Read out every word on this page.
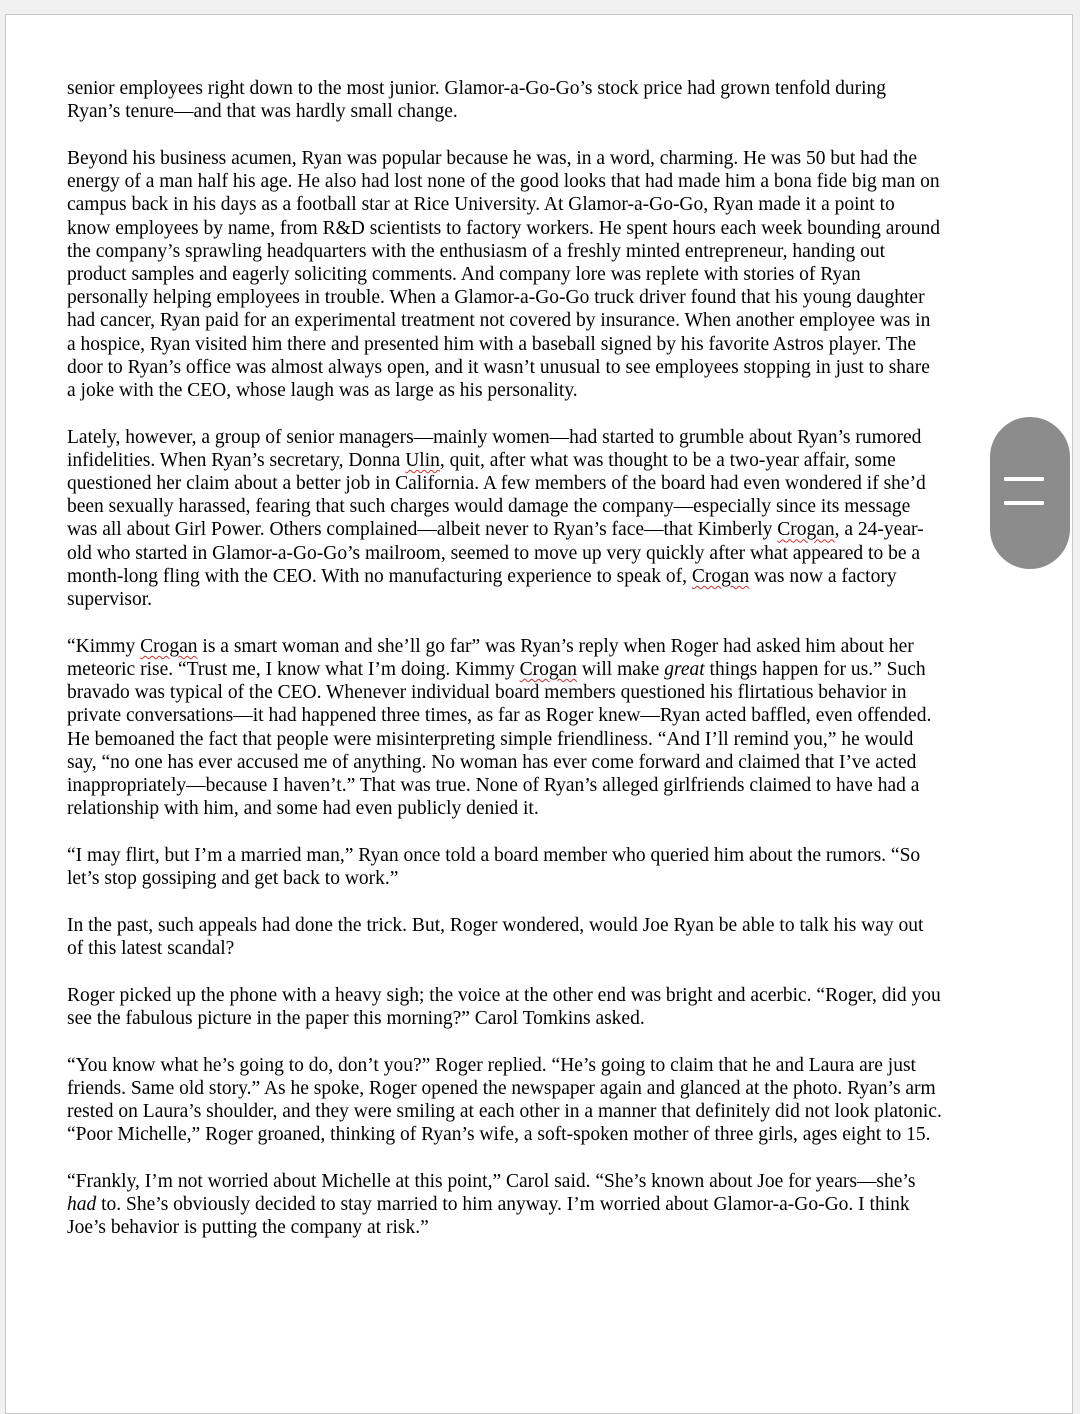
senior employees right down to the most junior. Glamor-a-Go-Go’s stock price had grown tenfold during
Ryan’s tenure—and that was hardly small change.

Beyond his business acumen, Ryan was popular because he was, in a word, charming. He was 50 but had the
energy of a man half his age. He also had lost none of the good looks that had made him a bona fide big man on
campus back in his days as a football star at Rice University. At Glamor-a-Go-Go, Ryan made it a point to
know employees by name, from R&D scientists to factory workers. He spent hours each week bounding around
the company’s sprawling headquarters with the enthusiasm of a freshly minted entrepreneur, handing out
product samples and eagerly soliciting comments. And company lore was replete with stories of Ryan
personally helping employees in trouble. When a Glamor-a-Go-Go truck driver found that his young daughter
had cancer, Ryan paid for an experimental treatment not covered by insurance. When another employee was in
a hospice, Ryan visited him there and presented him with a baseball signed by his favorite Astros player. The
door to Ryan’s office was almost always open, and it wasn’t unusual to see employees stopping in just to share
a joke with the CEO, whose laugh was as large as his personality.

Lately, however, a group of senior managers—mainly women—had started to grumble about Ryan’s rumored
infidelities. When Ryan’s secretary, Donna Ulin, quit, after what was thought to be a two-year affair, some
questioned her claim about a better job in California. A few members of the board had even wondered if she’d
been sexually harassed, fearing that such charges would damage the company—especially since its message
was all about Girl Power. Others complained—albeit never to Ryan’s face—that Kimberly Crogan, a 24-year-
old who started in Glamor-a-Go-Go’s mailroom, seemed to move up very quickly after what appeared to be a
month-long fling with the CEO. With no manufacturing experience to speak of, Crogan was now a factory
supervisor.

“Kimmy Crogan is a smart woman and she’ll go far” was Ryan’s reply when Roger had asked him about her
meteoric rise. “Trust me, I know what I’m doing. Kimmy Crogan will make great things happen for us.” Such
bravado was typical of the CEO. Whenever individual board members questioned his flirtatious behavior in
private conversations—it had happened three times, as far as Roger knew—Ryan acted baffled, even offended.
He bemoaned the fact that people were misinterpreting simple friendliness. “And I’ll remind you,” he would
say, “no one has ever accused me of anything. No woman has ever come forward and claimed that I’ve acted
inappropriately—because I haven’t.” That was true. None of Ryan’s alleged girlfriends claimed to have had a
relationship with him, and some had even publicly denied it.

“I may flirt, but I’m a married man,” Ryan once told a board member who queried him about the rumors. “So
let’s stop gossiping and get back to work.”

In the past, such appeals had done the trick. But, Roger wondered, would Joe Ryan be able to talk his way out
of this latest scandal?

Roger picked up the phone with a heavy sigh; the voice at the other end was bright and acerbic. “Roger, did you
see the fabulous picture in the paper this morning?” Carol Tomkins asked.

“You know what he’s going to do, don’t you?” Roger replied. “He’s going to claim that he and Laura are just
friends. Same old story.” As he spoke, Roger opened the newspaper again and glanced at the photo. Ryan’s arm
rested on Laura’s shoulder, and they were smiling at each other in a manner that definitely did not look platonic.
“Poor Michelle,” Roger groaned, thinking of Ryan’s wife, a soft-spoken mother of three girls, ages eight to 15.

“Frankly, I’m not worried about Michelle at this point,” Carol said. “She’s known about Joe for years—she’s
had to. She’s obviously decided to stay married to him anyway. I’m worried about Glamor-a-Go-Go. I think
Joe’s behavior is putting the company at risk.”
